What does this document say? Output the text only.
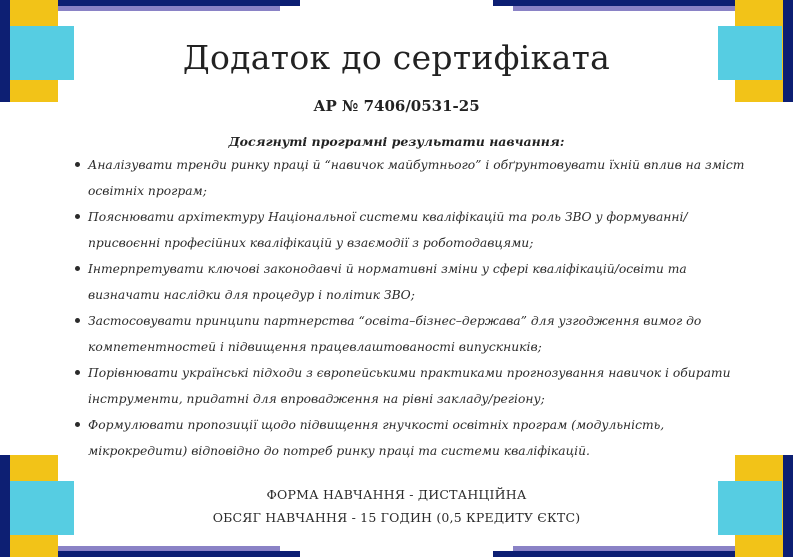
Додаток до сертифіката
АР № 7406/0531-25
Досягнуті програмні результати навчання:
Аналізувати тренди ринку праці й “навичок майбутнього” і обґрунтовувати їхній вплив на зміст освітніх програм;
Пояснювати архітектуру Національної системи кваліфікацій та роль ЗВО у формуванні/присвоєнні професійних кваліфікацій у взаємодії з роботодавцями;
Інтерпретувати ключові законодавчі й нормативні зміни у сфері кваліфікацій/освіти та визначати наслідки для процедур і політик ЗВО;
Застосовувати принципи партнерства “освіта–бізнес–держава” для узгодження вимог до компетентностей і підвищення працевлаштованості випускників;
Порівнювати українські підходи з європейськими практиками прогнозування навичок і обирати інструменти, придатні для впровадження на рівні закладу/регіону;
Формулювати пропозиції щодо підвищення гнучкості освітніх програм (модульність, мікрокредити) відповідно до потреб ринку праці та системи кваліфікацій.
ФОРМА НАВЧАННЯ - ДИСТАНЦІЙНА
ОБСЯГ НАВЧАННЯ - 15 ГОДИН (0,5 КРЕДИТУ ЄКТС)
